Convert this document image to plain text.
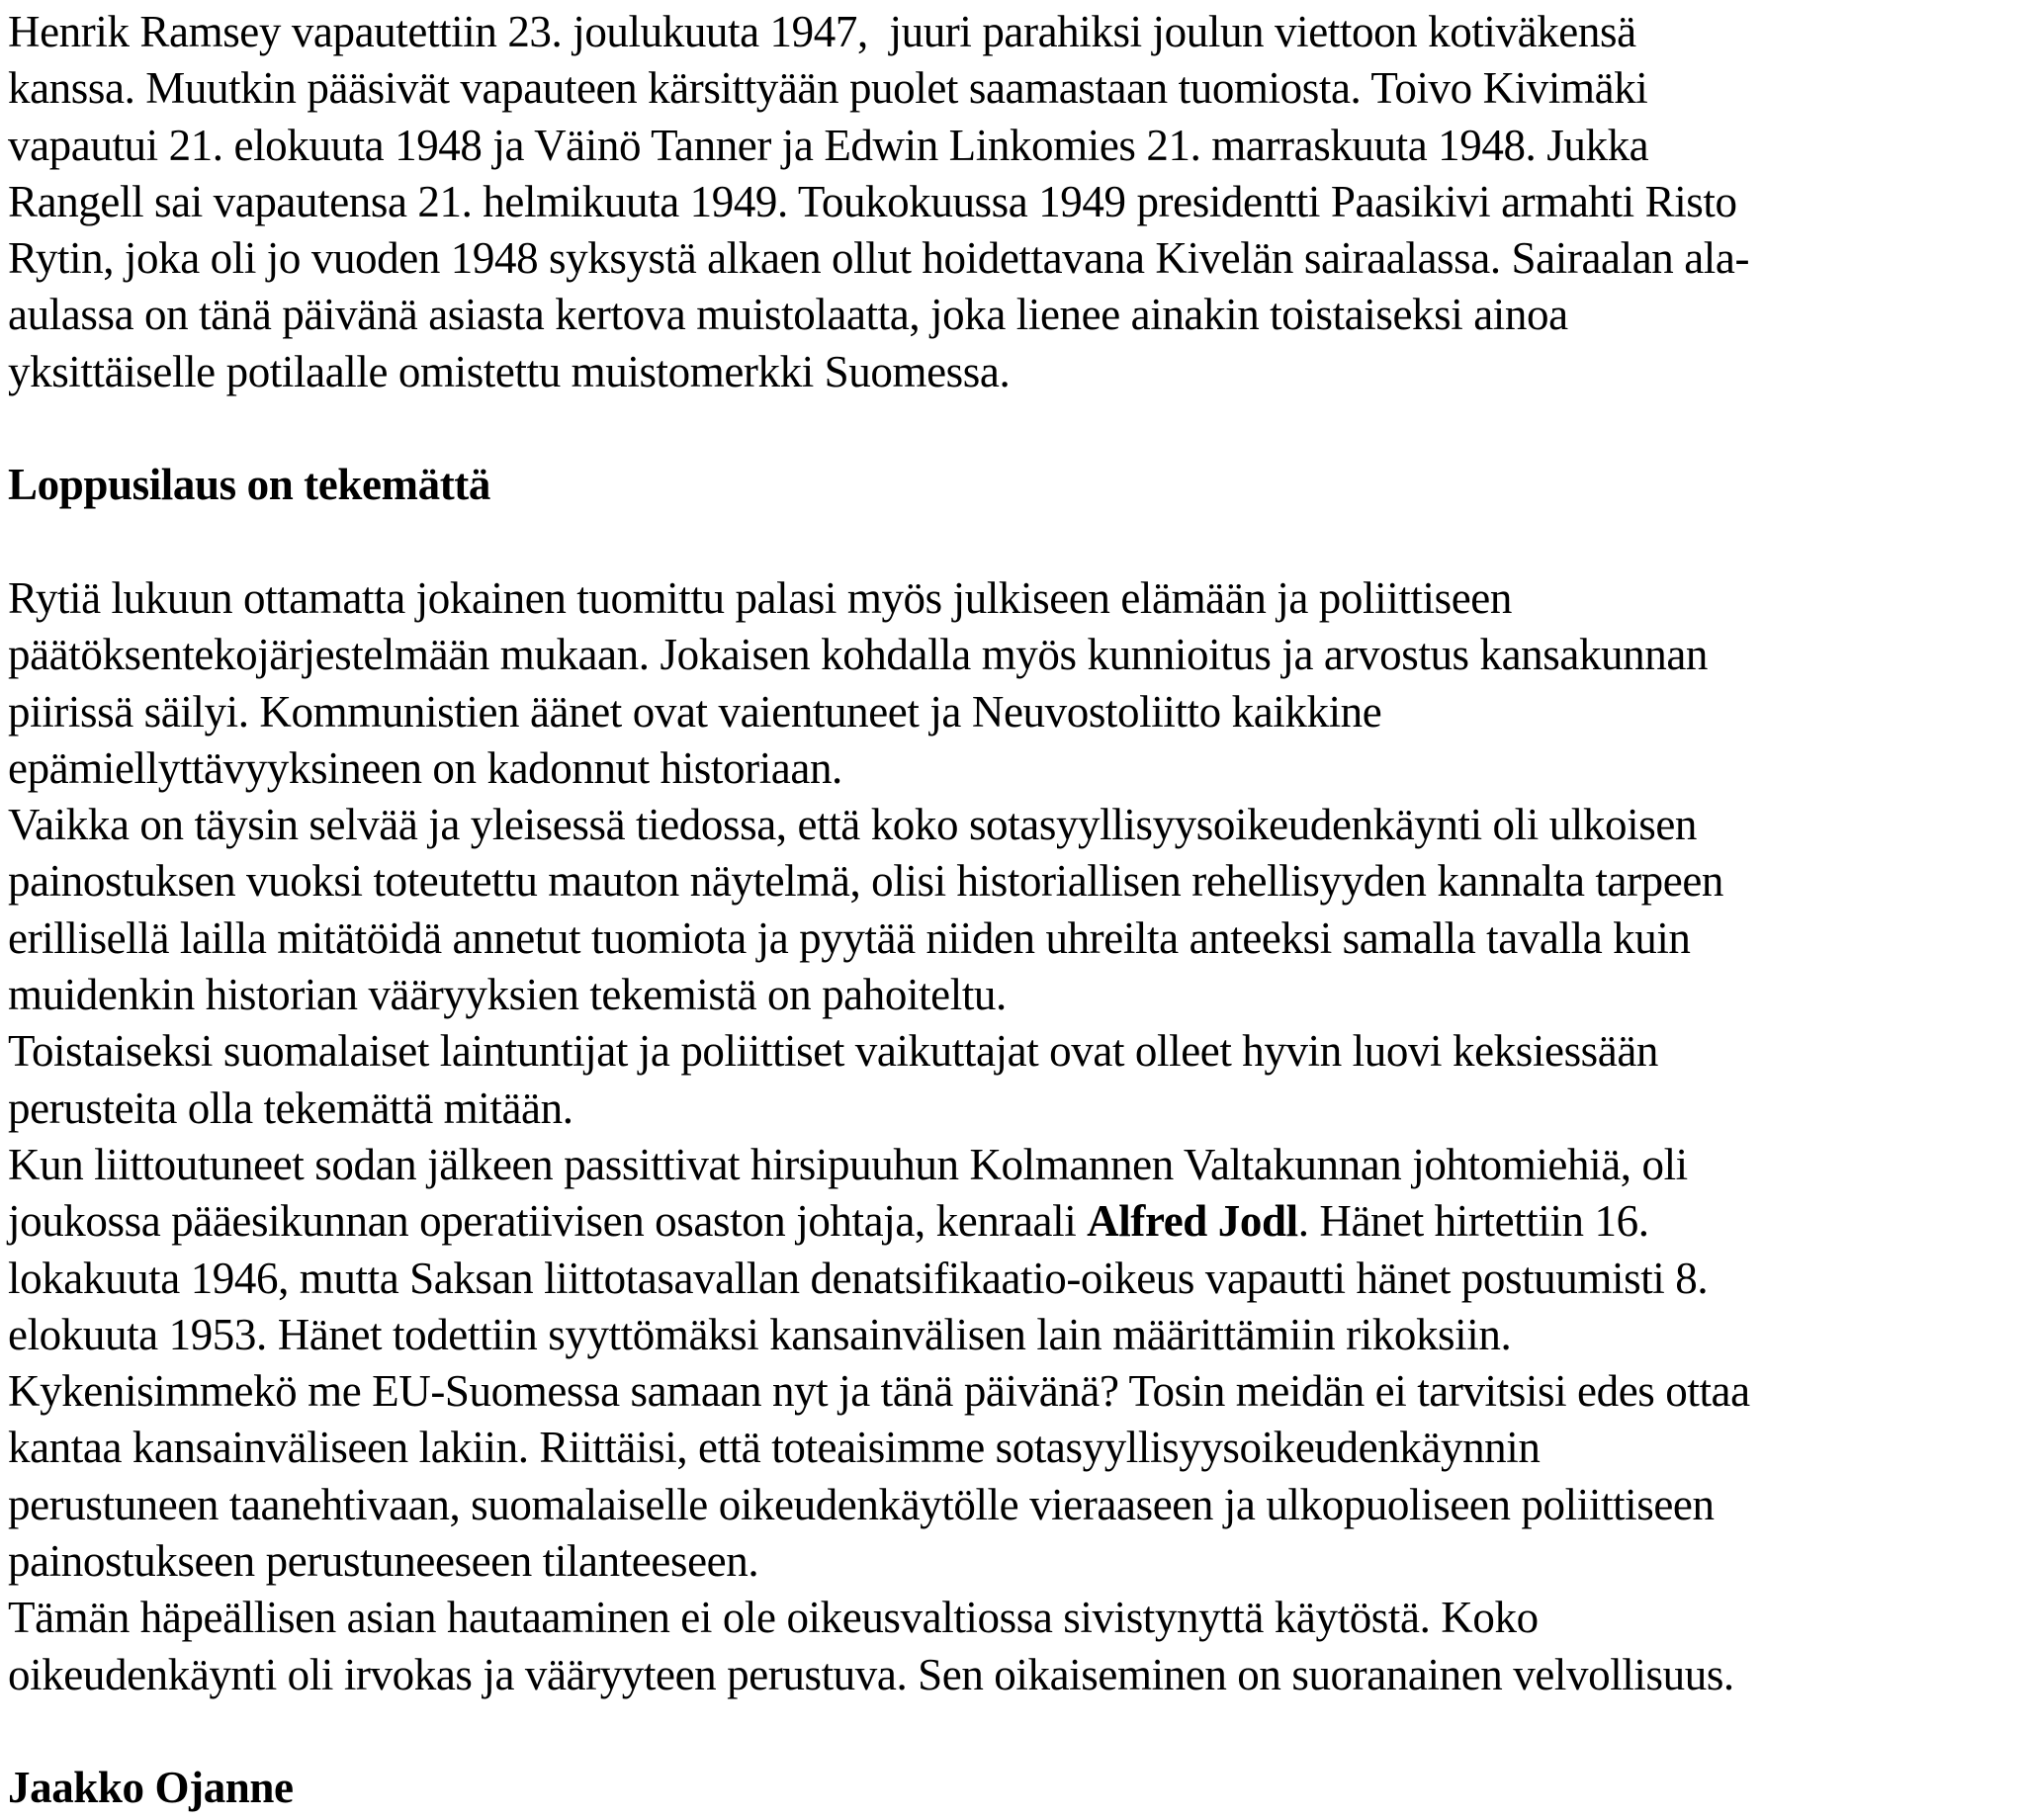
Henrik Ramsey vapautettiin 23. joulukuuta 1947,  juuri parahiksi joulun viettoon kotiväkensä
kanssa. Muutkin pääsivät vapauteen kärsittyään puolet saamastaan tuomiosta. Toivo Kivimäki
vapautui 21. elokuuta 1948 ja Väinö Tanner ja Edwin Linkomies 21. marraskuuta 1948. Jukka
Rangell sai vapautensa 21. helmikuuta 1949. Toukokuussa 1949 presidentti Paasikivi armahti Risto
Rytin, joka oli jo vuoden 1948 syksystä alkaen ollut hoidettavana Kivelän sairaalassa. Sairaalan ala-
aulassa on tänä päivänä asiasta kertova muistolaatta, joka lienee ainakin toistaiseksi ainoa
yksittäiselle potilaalle omistettu muistomerkki Suomessa.
Loppusilaus on tekemättä
Rytiä lukuun ottamatta jokainen tuomittu palasi myös julkiseen elämään ja poliittiseen
päätöksentekojärjestelmään mukaan. Jokaisen kohdalla myös kunnioitus ja arvostus kansakunnan
piirissä säilyi. Kommunistien äänet ovat vaientuneet ja Neuvostoliitto kaikkine
epämiellyttävyyksineen on kadonnut historiaan.
Vaikka on täysin selvää ja yleisessä tiedossa, että koko sotasyyllisyysoikeudenkäynti oli ulkoisen
painostuksen vuoksi toteutettu mauton näytelmä, olisi historiallisen rehellisyyden kannalta tarpeen
erillisellä lailla mitätöidä annetut tuomiota ja pyytää niiden uhreilta anteeksi samalla tavalla kuin
muidenkin historian vääryyksien tekemistä on pahoiteltu.
Toistaiseksi suomalaiset laintuntijat ja poliittiset vaikuttajat ovat olleet hyvin luovi keksiessään
perusteita olla tekemättä mitään.
Kun liittoutuneet sodan jälkeen passittivat hirsipuuhun Kolmannen Valtakunnan johtomiehiä, oli
joukossa pääesikunnan operatiivisen osaston johtaja, kenraali Alfred Jodl. Hänet hirtettiin 16.
lokakuuta 1946, mutta Saksan liittotasavallan denatsifikaatio-oikeus vapautti hänet postuumisti 8.
elokuuta 1953. Hänet todettiin syyttömäksi kansainvälisen lain määrittämiin rikoksiin.
Kykenisimmekö me EU-Suomessa samaan nyt ja tänä päivänä? Tosin meidän ei tarvitsisi edes ottaa
kantaa kansainväliseen lakiin. Riittäisi, että toteaisimme sotasyyllisyysoikeudenkäynnin
perustuneen taanehtivaan, suomalaiselle oikeudenkäytölle vieraaseen ja ulkopuoliseen poliittiseen
painostukseen perustuneeseen tilanteeseen.
Tämän häpeällisen asian hautaaminen ei ole oikeusvaltiossa sivistynyttä käytöstä. Koko
oikeudenkäynti oli irvokas ja vääryyteen perustuva. Sen oikaiseminen on suoranainen velvollisuus.
Jaakko Ojanne
